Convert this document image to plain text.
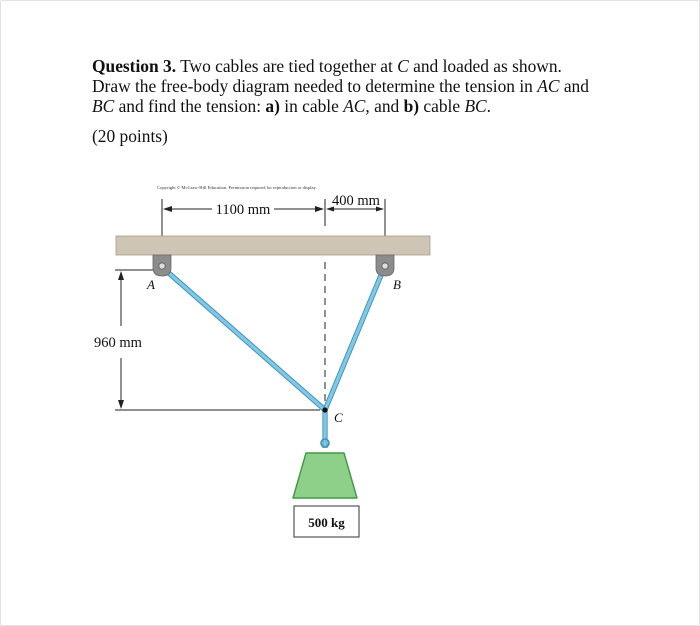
Question 3. Two cables are tied together at C and loaded as shown.
Draw the free-body diagram needed to determine the tension in AC and
BC and find the tension: a) in cable AC, and b) cable BC.

(20 points)
Copyright © McGraw-Hill Education. Permission required for reproduction or display.
1100 mm
400 mm
960 mm
A	B
C
500 kg
